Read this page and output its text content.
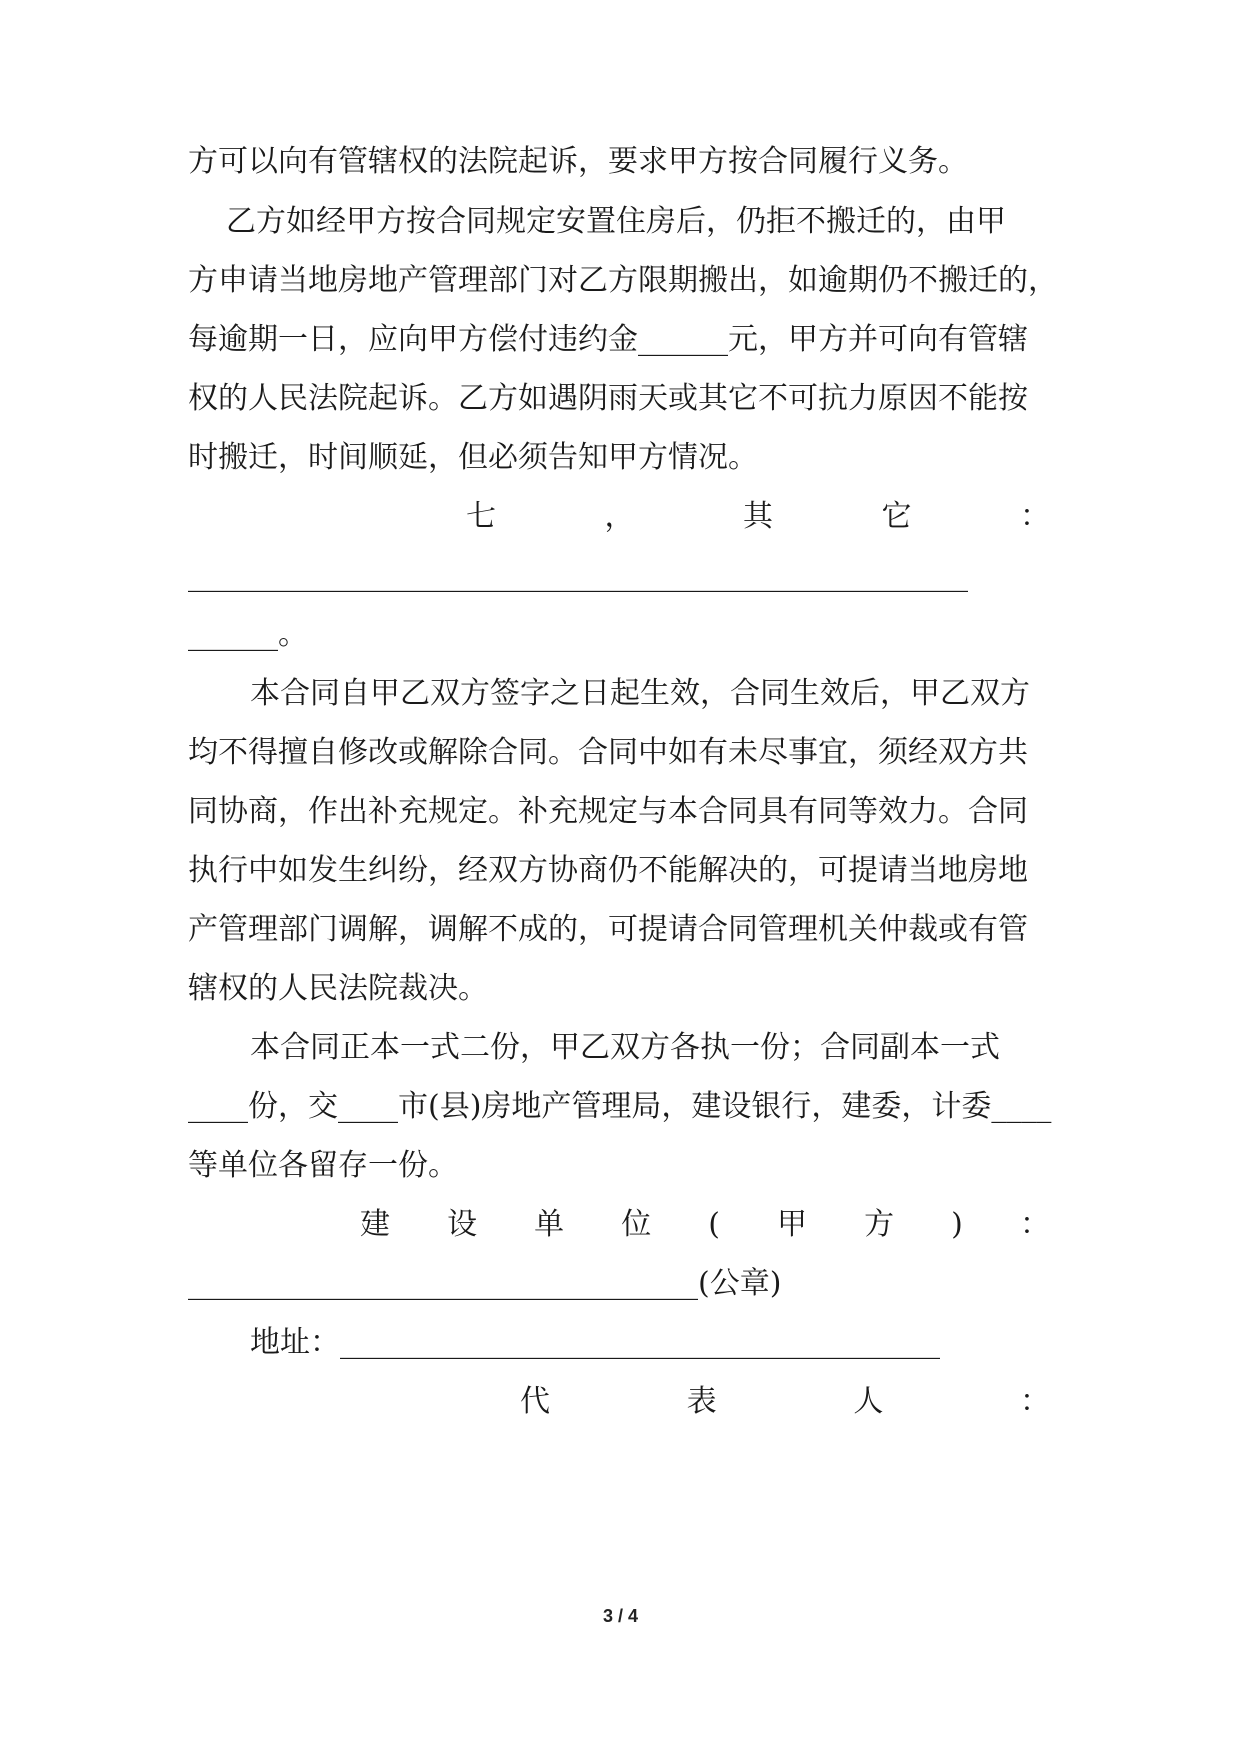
方可以向有管辖权的法院起诉，要求甲方按合同履行义务。
乙方如经甲方按合同规定安置住房后，仍拒不搬迁的，由甲
方申请当地房地产管理部门对乙方限期搬出，如逾期仍不搬迁的，
每逾期一日，应向甲方偿付违约金______元，甲方并可向有管辖
权的人民法院起诉。乙方如遇阴雨天或其它不可抗力原因不能按
时搬迁，时间顺延，但必须告知甲方情况。
七	，	其	它	：
____________________________________________________
______。
本合同自甲乙双方签字之日起生效，合同生效后，甲乙双方
均不得擅自修改或解除合同。合同中如有未尽事宜，须经双方共
同协商，作出补充规定。补充规定与本合同具有同等效力。合同
执行中如发生纠纷，经双方协商仍不能解决的，可提请当地房地
产管理部门调解，调解不成的，可提请合同管理机关仲裁或有管
辖权的人民法院裁决。
本合同正本一式二份，甲乙双方各执一份；合同副本一式
____份，交____市(县)房地产管理局，建设银行，建委，计委____
等单位各留存一份。
建 设 单 位 ( 甲 方 ) ：
__________________________________(公章)
地址：________________________________________
代	表	人	：
3 / 4
